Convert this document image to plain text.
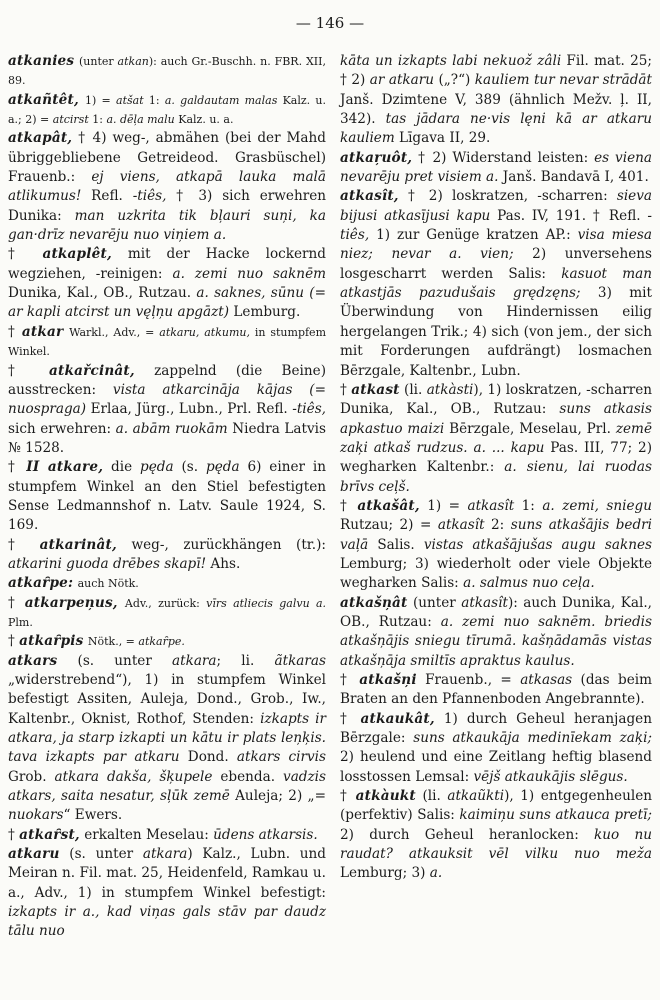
— 146 —

atkanies (unter atkan): auch Gr.-Buschh. n. FBR. XII, 89.

atkañtêt, 1) = atšat 1: a. galdautam malas Kalz. u. a.; 2) = atcirst 1: a. dēļa malu Kalz. u. a.

atkapât, † 4) weg-, abmähen (bei der Mahd übriggebliebene Getreideod. Grasbüschel) Frauenb.: ej viens, atkapā lauka malā atlikumus! Refl. -tiês, † 3) sich erwehren Dunika: man uzkrita tik bļauri suņi, ka gan·drīz nevarēju nuo viņiem a.

† atkaplêt, mit der Hacke lockernd wegziehen, -reinigen: a. zemi nuo saknēm Dunika, Kal., OB., Rutzau. a. saknes, sūnu (= ar kapli atcirst un vęļņu apgāzt) Lemburg.

† atkar Warkl., Adv., = atkaru, atkumu, in stumpfem Winkel.

† atkařcinât, zappelnd (die Beine) ausstrecken: vista atkarcināja kājas (= nuospraga) Erlaa, Jürg., Lubn., Prl. Refl. -tiês, sich erwehren: a. abām ruokām Niedra Latvis № 1528.

† II atkare, die pęda (s. pęda 6) einer in stumpfem Winkel an den Stiel befestigten Sense Ledmannshof n. Latv. Saule 1924, S. 169.

† atkarinât, weg-, zurückhängen (tr.): atkarini guoda drēbes skapī! Ahs.

atkaȓpe: auch Nötk.

† atkarpeņus, Adv., zurück: vīrs atliecis galvu a. Plm.

† atkaȓpis Nötk., = atkaȓpe.

atkars (s. unter atkara; li. ãtkaras „widerstrebend“), 1) in stumpfem Winkel befestigt Assiten, Auleja, Dond., Grob., Iw., Kaltenbr., Oknist, Rothof, Stenden: izkapts ir atkara, ja starp izkapti un kātu ir plats leņķis. tava izkapts par atkaru Dond. atkars cirvis Grob. atkara dakša, šķupele ebenda. vadzis atkars, saita nesatur, sļūk zemē Auleja; 2) „= nuokars“ Ewers.

† atkaȓst, erkalten Meselau: ūdens atkarsis.

atkaru (s. unter atkara) Kalz., Lubn. und Meiran n. Fil. mat. 25, Heidenfeld, Ramkau u. a., Adv., 1) in stumpfem Winkel befestigt: izkapts ir a., kad viņas gals stāv par daudz tālu nuo

kāta un izkapts labi nekuož zâli Fil. mat. 25; † 2) ar atkaru („?“) kauliem tur nevar strādāt Janš. Dzimtene V, 389 (ähnlich Mežv. ļ. II, 342). tas jādara ne·vis lęni kā ar atkaru kauliem Līgava II, 29.

atkaŗuôt, † 2) Widerstand leisten: es viena nevarēju pret visiem a. Janš. Bandavā I, 401.

atkasît, † 2) loskratzen, -scharren: sieva bijusi atkasījusi kapu Pas. IV, 191. † Refl. -tiês, 1) zur Genüge kratzen AP.: visa miesa niez; nevar a. vien; 2) unversehens losgescharrt werden Salis: kasuot man atkastjās pazudušais grędzęns; 3) mit Überwindung von Hindernissen eilig hergelangen Trik.; 4) sich (von jem., der sich mit Forderungen aufdrängt) losmachen Bērzgale, Kaltenbr., Lubn.

† atkast (li. atkàsti), 1) loskratzen, -scharren Dunika, Kal., OB., Rutzau: suns atkasis apkastuo maizi Bērzgale, Meselau, Prl. zemē zaķi atkaš rudzus. a. ... kapu Pas. III, 77; 2) wegharken Kaltenbr.: a. sienu, lai ruodas brīvs ceļš.

† atkašât, 1) = atkasît 1: a. zemi, sniegu Rutzau; 2) = atkasît 2: suns atkašājis bedri vaļā Salis. vistas atkašājušas augu saknes Lemburg; 3) wiederholt oder viele Objekte wegharken Salis: a. salmus nuo ceļa.

atkašņât (unter atkasît): auch Dunika, Kal., OB., Rutzau: a. zemi nuo saknēm. briedis atkašņājis sniegu tīrumā. kašņādamās vistas atkašņāja smiltīs apraktus kaulus.

† atkašņi Frauenb., = atkasas (das beim Braten an den Pfannenboden Angebrannte).

† atkaukât, 1) durch Geheul heranjagen Bērzgale: suns atkaukāja medinīekam zaķi; 2) heulend und eine Zeitlang heftig blasend losstossen Lemsal: vējš atkaukājis slēgus.

† atkàukt (li. atkaũkti), 1) entgegenheulen (perfektiv) Salis: kaimiņu suns atkauca pretī; 2) durch Geheul heranlocken: kuo nu raudat? atkauksit vēl vilku nuo meža Lemburg; 3) a.
